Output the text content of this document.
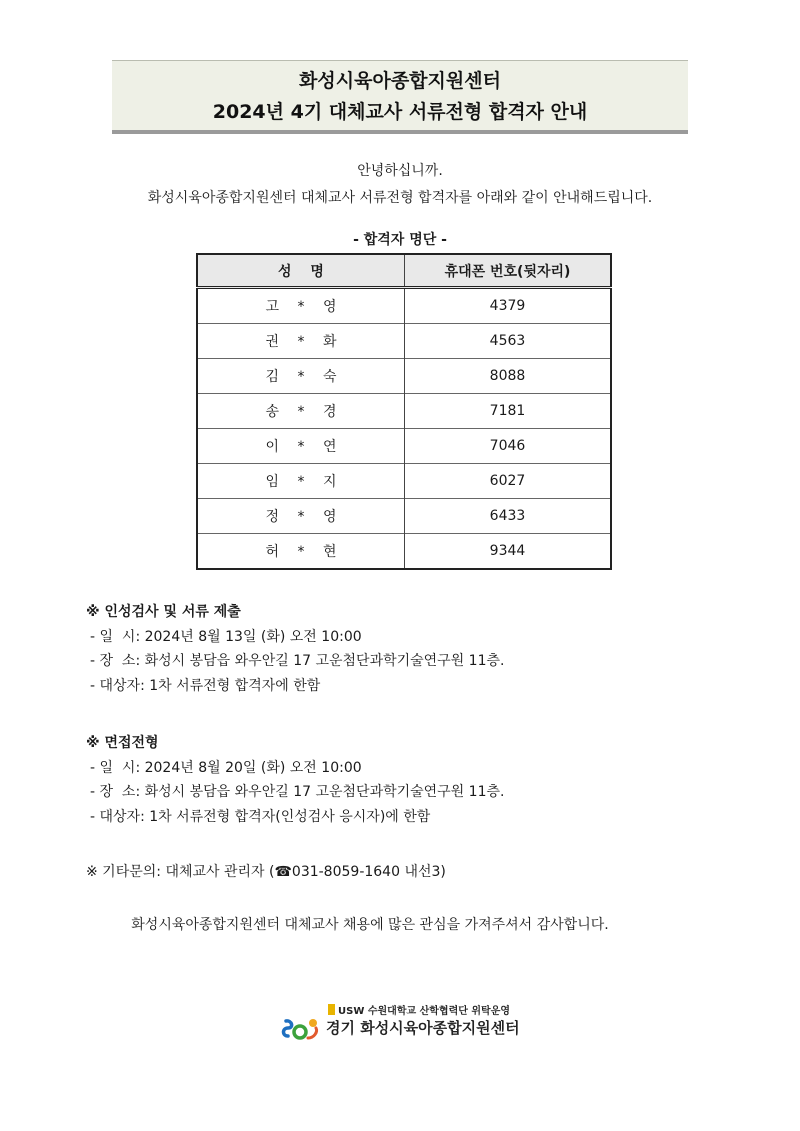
화성시육아종합지원센터
2024년 4기 대체교사 서류전형 합격자 안내
안녕하십니까.
화성시육아종합지원센터 대체교사 서류전형 합격자를 아래와 같이 안내해드립니다.
- 합격자 명단 -
성 명	휴대폰 번호(뒷자리)
고 * 영	4379
권 * 화	4563
김 * 숙	8088
송 * 경	7181
이 * 연	7046
임 * 지	6027
정 * 영	6433
허 * 현	9344
※ 인성검사 및 서류 제출
- 일  시: 2024년 8월 13일 (화) 오전 10:00
- 장  소: 화성시 봉담읍 와우안길 17 고운첨단과학기술연구원 11층.
- 대상자: 1차 서류전형 합격자에 한함
※ 면접전형
- 일  시: 2024년 8월 20일 (화) 오전 10:00
- 장  소: 화성시 봉담읍 와우안길 17 고운첨단과학기술연구원 11층.
- 대상자: 1차 서류전형 합격자(인성검사 응시자)에 한함
※ 기타문의: 대체교사 관리자 (☎031-8059-1640 내선3)
화성시육아종합지원센터 대체교사 채용에 많은 관심을 가져주셔서 감사합니다.
USW 수원대학교 산학협력단 위탁운영
경기 화성시육아종합지원센터
